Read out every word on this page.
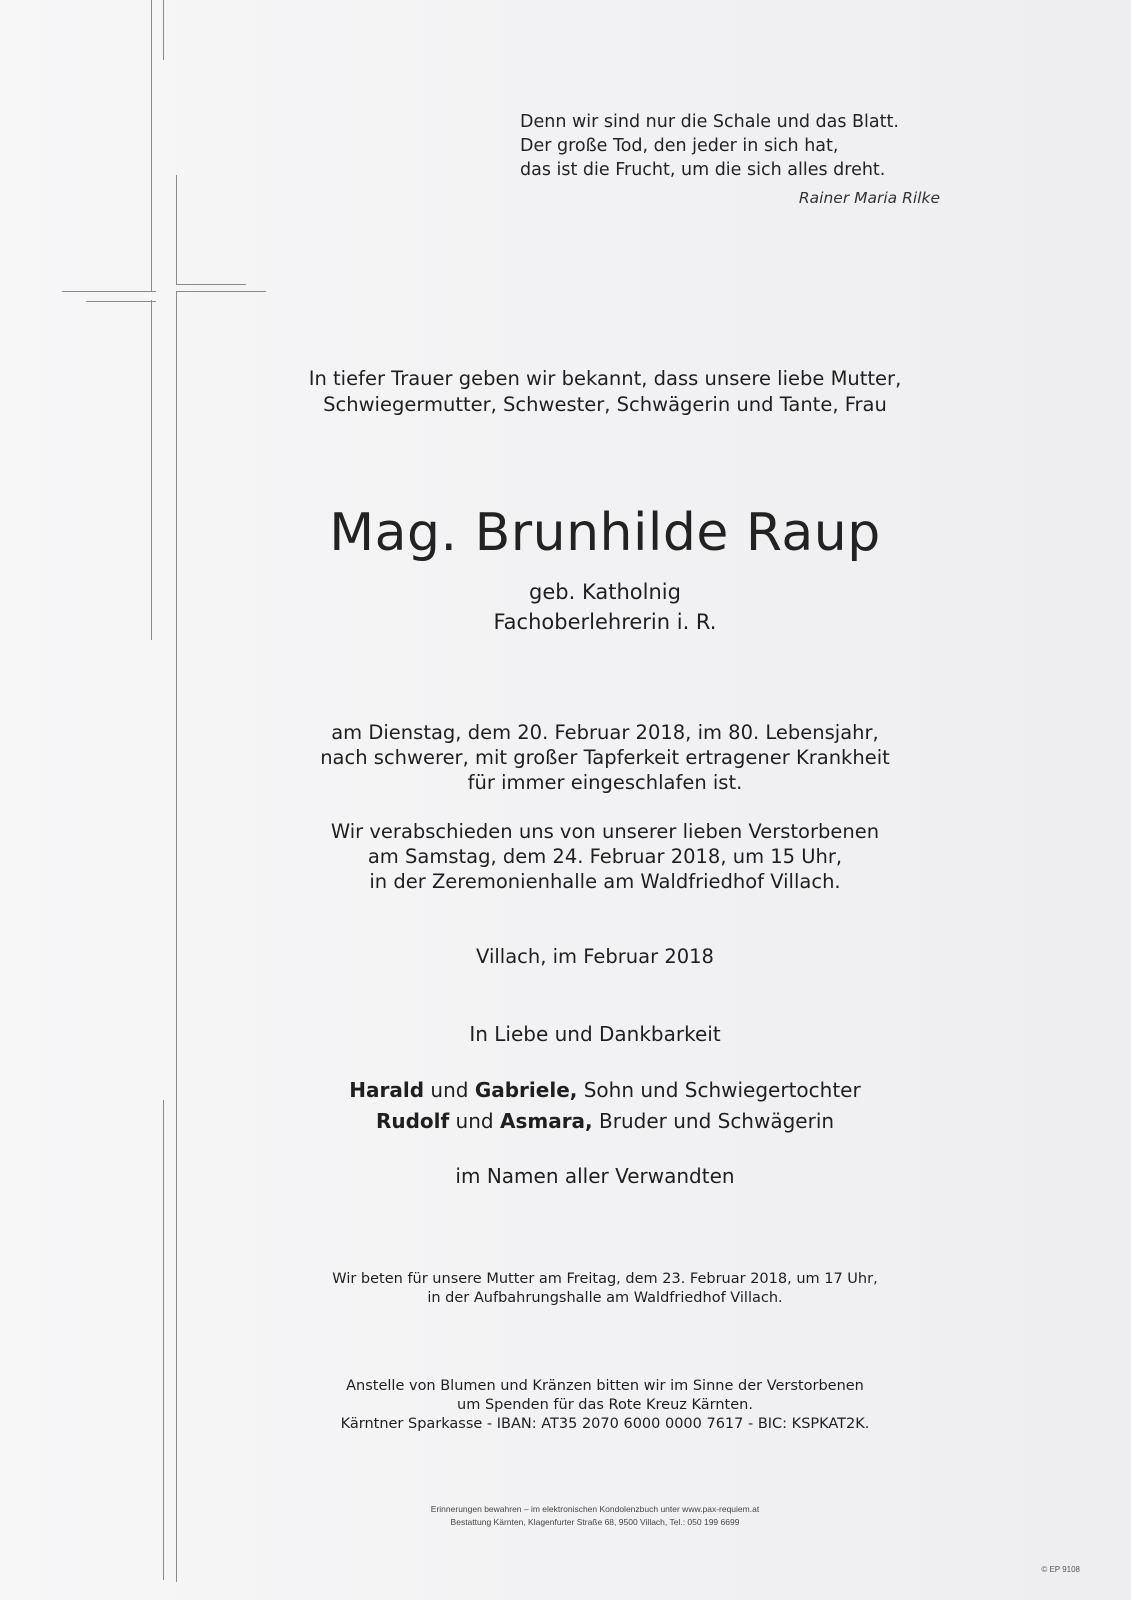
Denn wir sind nur die Schale und das Blatt.
Der große Tod, den jeder in sich hat,
das ist die Frucht, um die sich alles dreht.
Rainer Maria Rilke
In tiefer Trauer geben wir bekannt, dass unsere liebe Mutter,
Schwiegermutter, Schwester, Schwägerin und Tante, Frau
Mag. Brunhilde Raup
geb. Katholnig
Fachoberlehrerin i. R.
am Dienstag, dem 20. Februar 2018, im 80. Lebensjahr,
nach schwerer, mit großer Tapferkeit ertragener Krankheit
für immer eingeschlafen ist.
Wir verabschieden uns von unserer lieben Verstorbenen
am Samstag, dem 24. Februar 2018, um 15 Uhr,
in der Zeremonienhalle am Waldfriedhof Villach.
Villach, im Februar 2018
In Liebe und Dankbarkeit
Harald und Gabriele, Sohn und Schwiegertochter
Rudolf und Asmara, Bruder und Schwägerin
im Namen aller Verwandten
Wir beten für unsere Mutter am Freitag, dem 23. Februar 2018, um 17 Uhr,
in der Aufbahrungshalle am Waldfriedhof Villach.
Anstelle von Blumen und Kränzen bitten wir im Sinne der Verstorbenen
um Spenden für das Rote Kreuz Kärnten.
Kärntner Sparkasse - IBAN: AT35 2070 6000 0000 7617 - BIC: KSPKAT2K.
Erinnerungen bewahren – im elektronischen Kondolenzbuch unter www.pax-requiem.at
Bestattung Kärnten, Klagenfurter Straße 68, 9500 Villach, Tel.: 050 199 6699
© EP 9108
